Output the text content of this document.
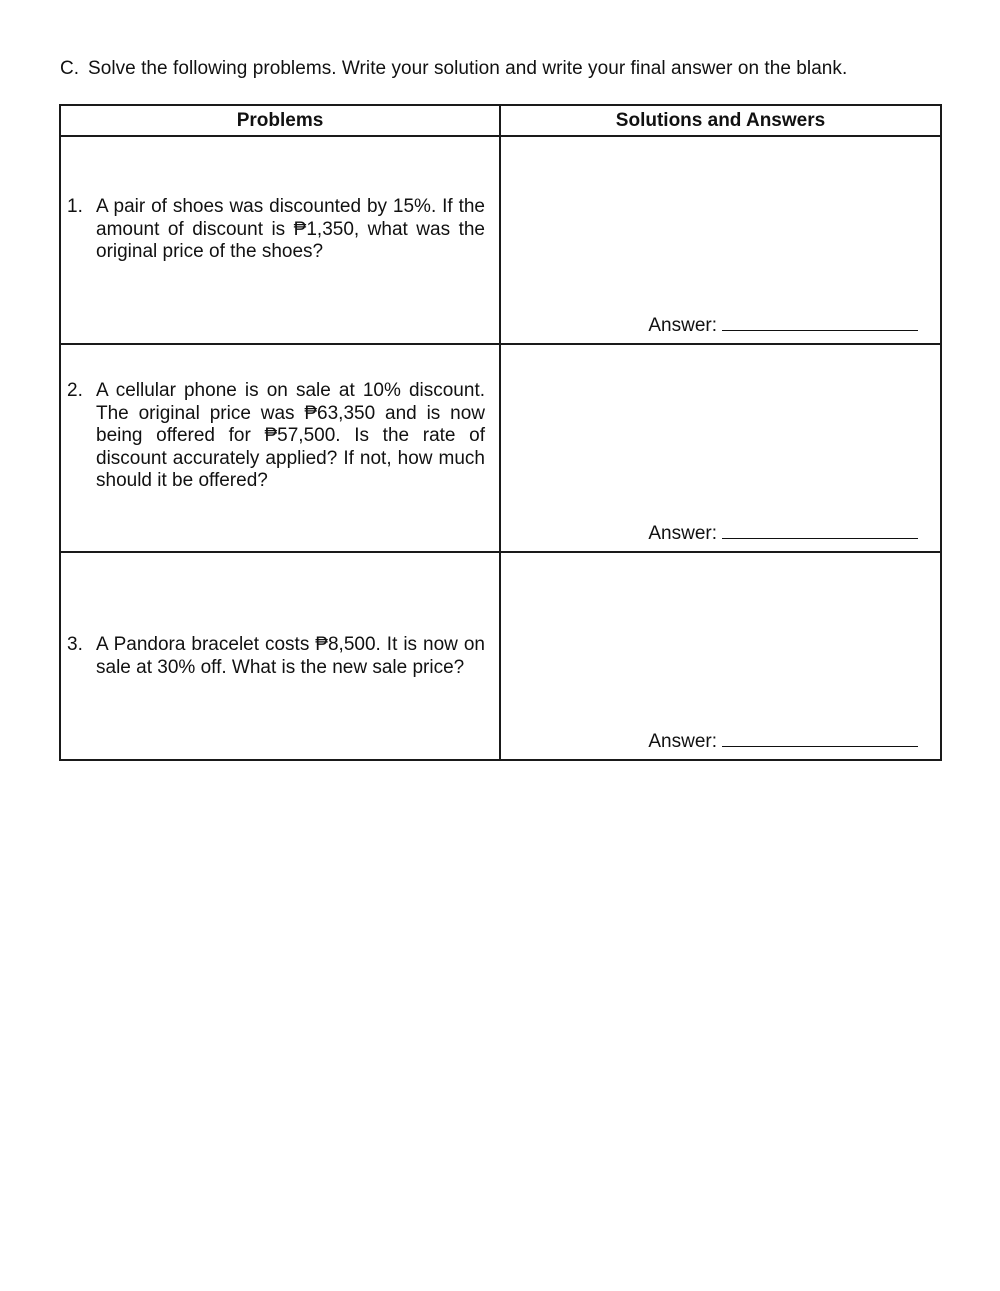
C. Solve the following problems. Write your solution and write your final answer on the blank.
Problems	Solutions and Answers

1. A pair of shoes was discounted by 15%. If the amount of discount is ₱1,350, what was the original price of the shoes?	Answer:

2. A cellular phone is on sale at 10% discount. The original price was ₱63,350 and is now being offered for ₱57,500. Is the rate of discount accurately applied? If not, how much should it be offered?	Answer:

3. A Pandora bracelet costs ₱8,500. It is now on sale at 30% off. What is the new sale price?	Answer:
